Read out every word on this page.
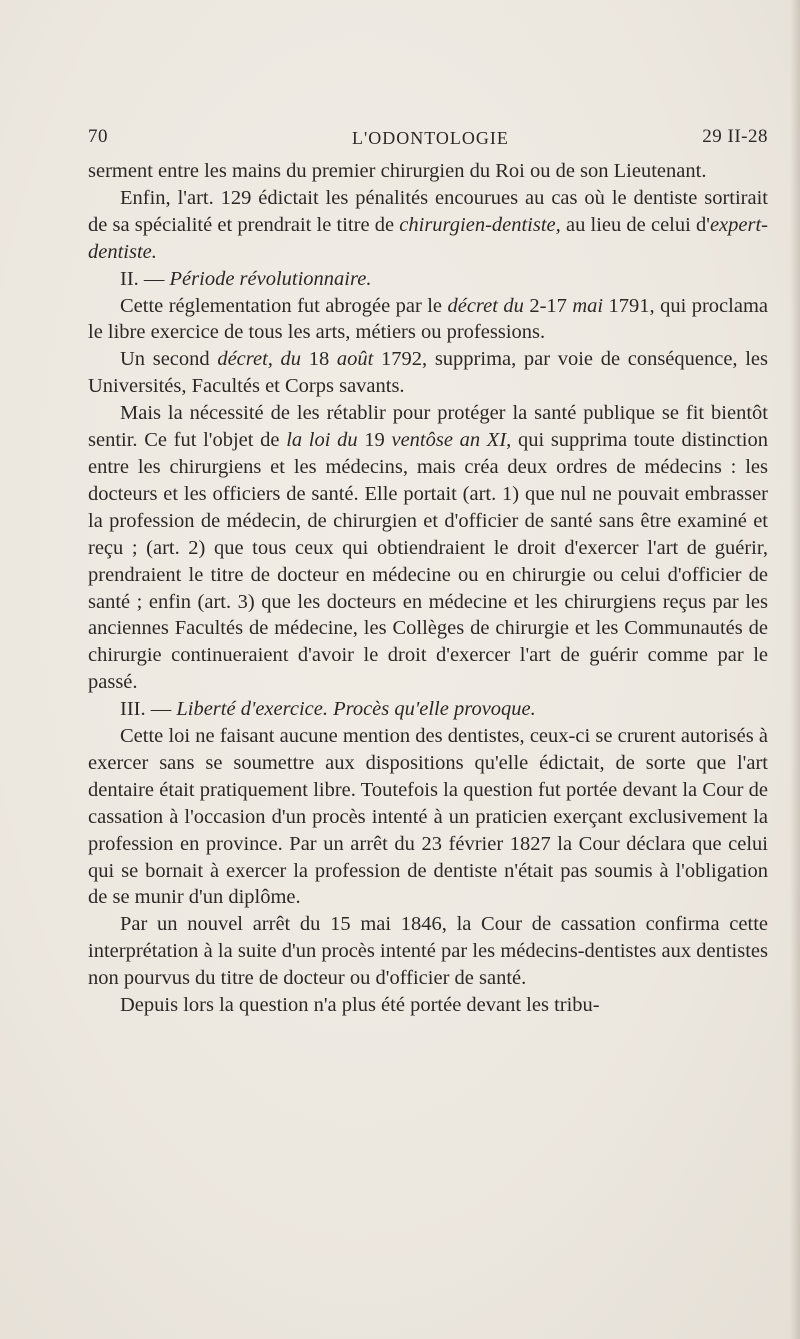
70	L'ODONTOLOGIE	29 II-28

serment entre les mains du premier chirurgien du Roi ou de son Lieutenant.

Enfin, l'art. 129 édictait les pénalités encourues au cas où le dentiste sortirait de sa spécialité et prendrait le titre de chirurgien-dentiste, au lieu de celui d'expert-dentiste.

II. — Période révolutionnaire.

Cette réglementation fut abrogée par le décret du 2-17 mai 1791, qui proclama le libre exercice de tous les arts, métiers ou professions.

Un second décret, du 18 août 1792, supprima, par voie de conséquence, les Universités, Facultés et Corps savants.

Mais la nécessité de les rétablir pour protéger la santé publique se fit bientôt sentir. Ce fut l'objet de la loi du 19 ventôse an XI, qui supprima toute distinction entre les chirurgiens et les médecins, mais créa deux ordres de médecins : les docteurs et les officiers de santé. Elle portait (art. 1) que nul ne pouvait embrasser la profession de médecin, de chirurgien et d'officier de santé sans être examiné et reçu ; (art. 2) que tous ceux qui obtiendraient le droit d'exercer l'art de guérir, prendraient le titre de docteur en médecine ou en chirurgie ou celui d'officier de santé ; enfin (art. 3) que les docteurs en médecine et les chirurgiens reçus par les anciennes Facultés de médecine, les Collèges de chirurgie et les Communautés de chirurgie continueraient d'avoir le droit d'exercer l'art de guérir comme par le passé.

III. — Liberté d'exercice. Procès qu'elle provoque.

Cette loi ne faisant aucune mention des dentistes, ceux-ci se crurent autorisés à exercer sans se soumettre aux dispositions qu'elle édictait, de sorte que l'art dentaire était pratiquement libre. Toutefois la question fut portée devant la Cour de cassation à l'occasion d'un procès intenté à un praticien exerçant exclusivement la profession en province. Par un arrêt du 23 février 1827 la Cour déclara que celui qui se bornait à exercer la profession de dentiste n'était pas soumis à l'obligation de se munir d'un diplôme.

Par un nouvel arrêt du 15 mai 1846, la Cour de cassation confirma cette interprétation à la suite d'un procès intenté par les médecins-dentistes aux dentistes non pourvus du titre de docteur ou d'officier de santé.

Depuis lors la question n'a plus été portée devant les tribu-
